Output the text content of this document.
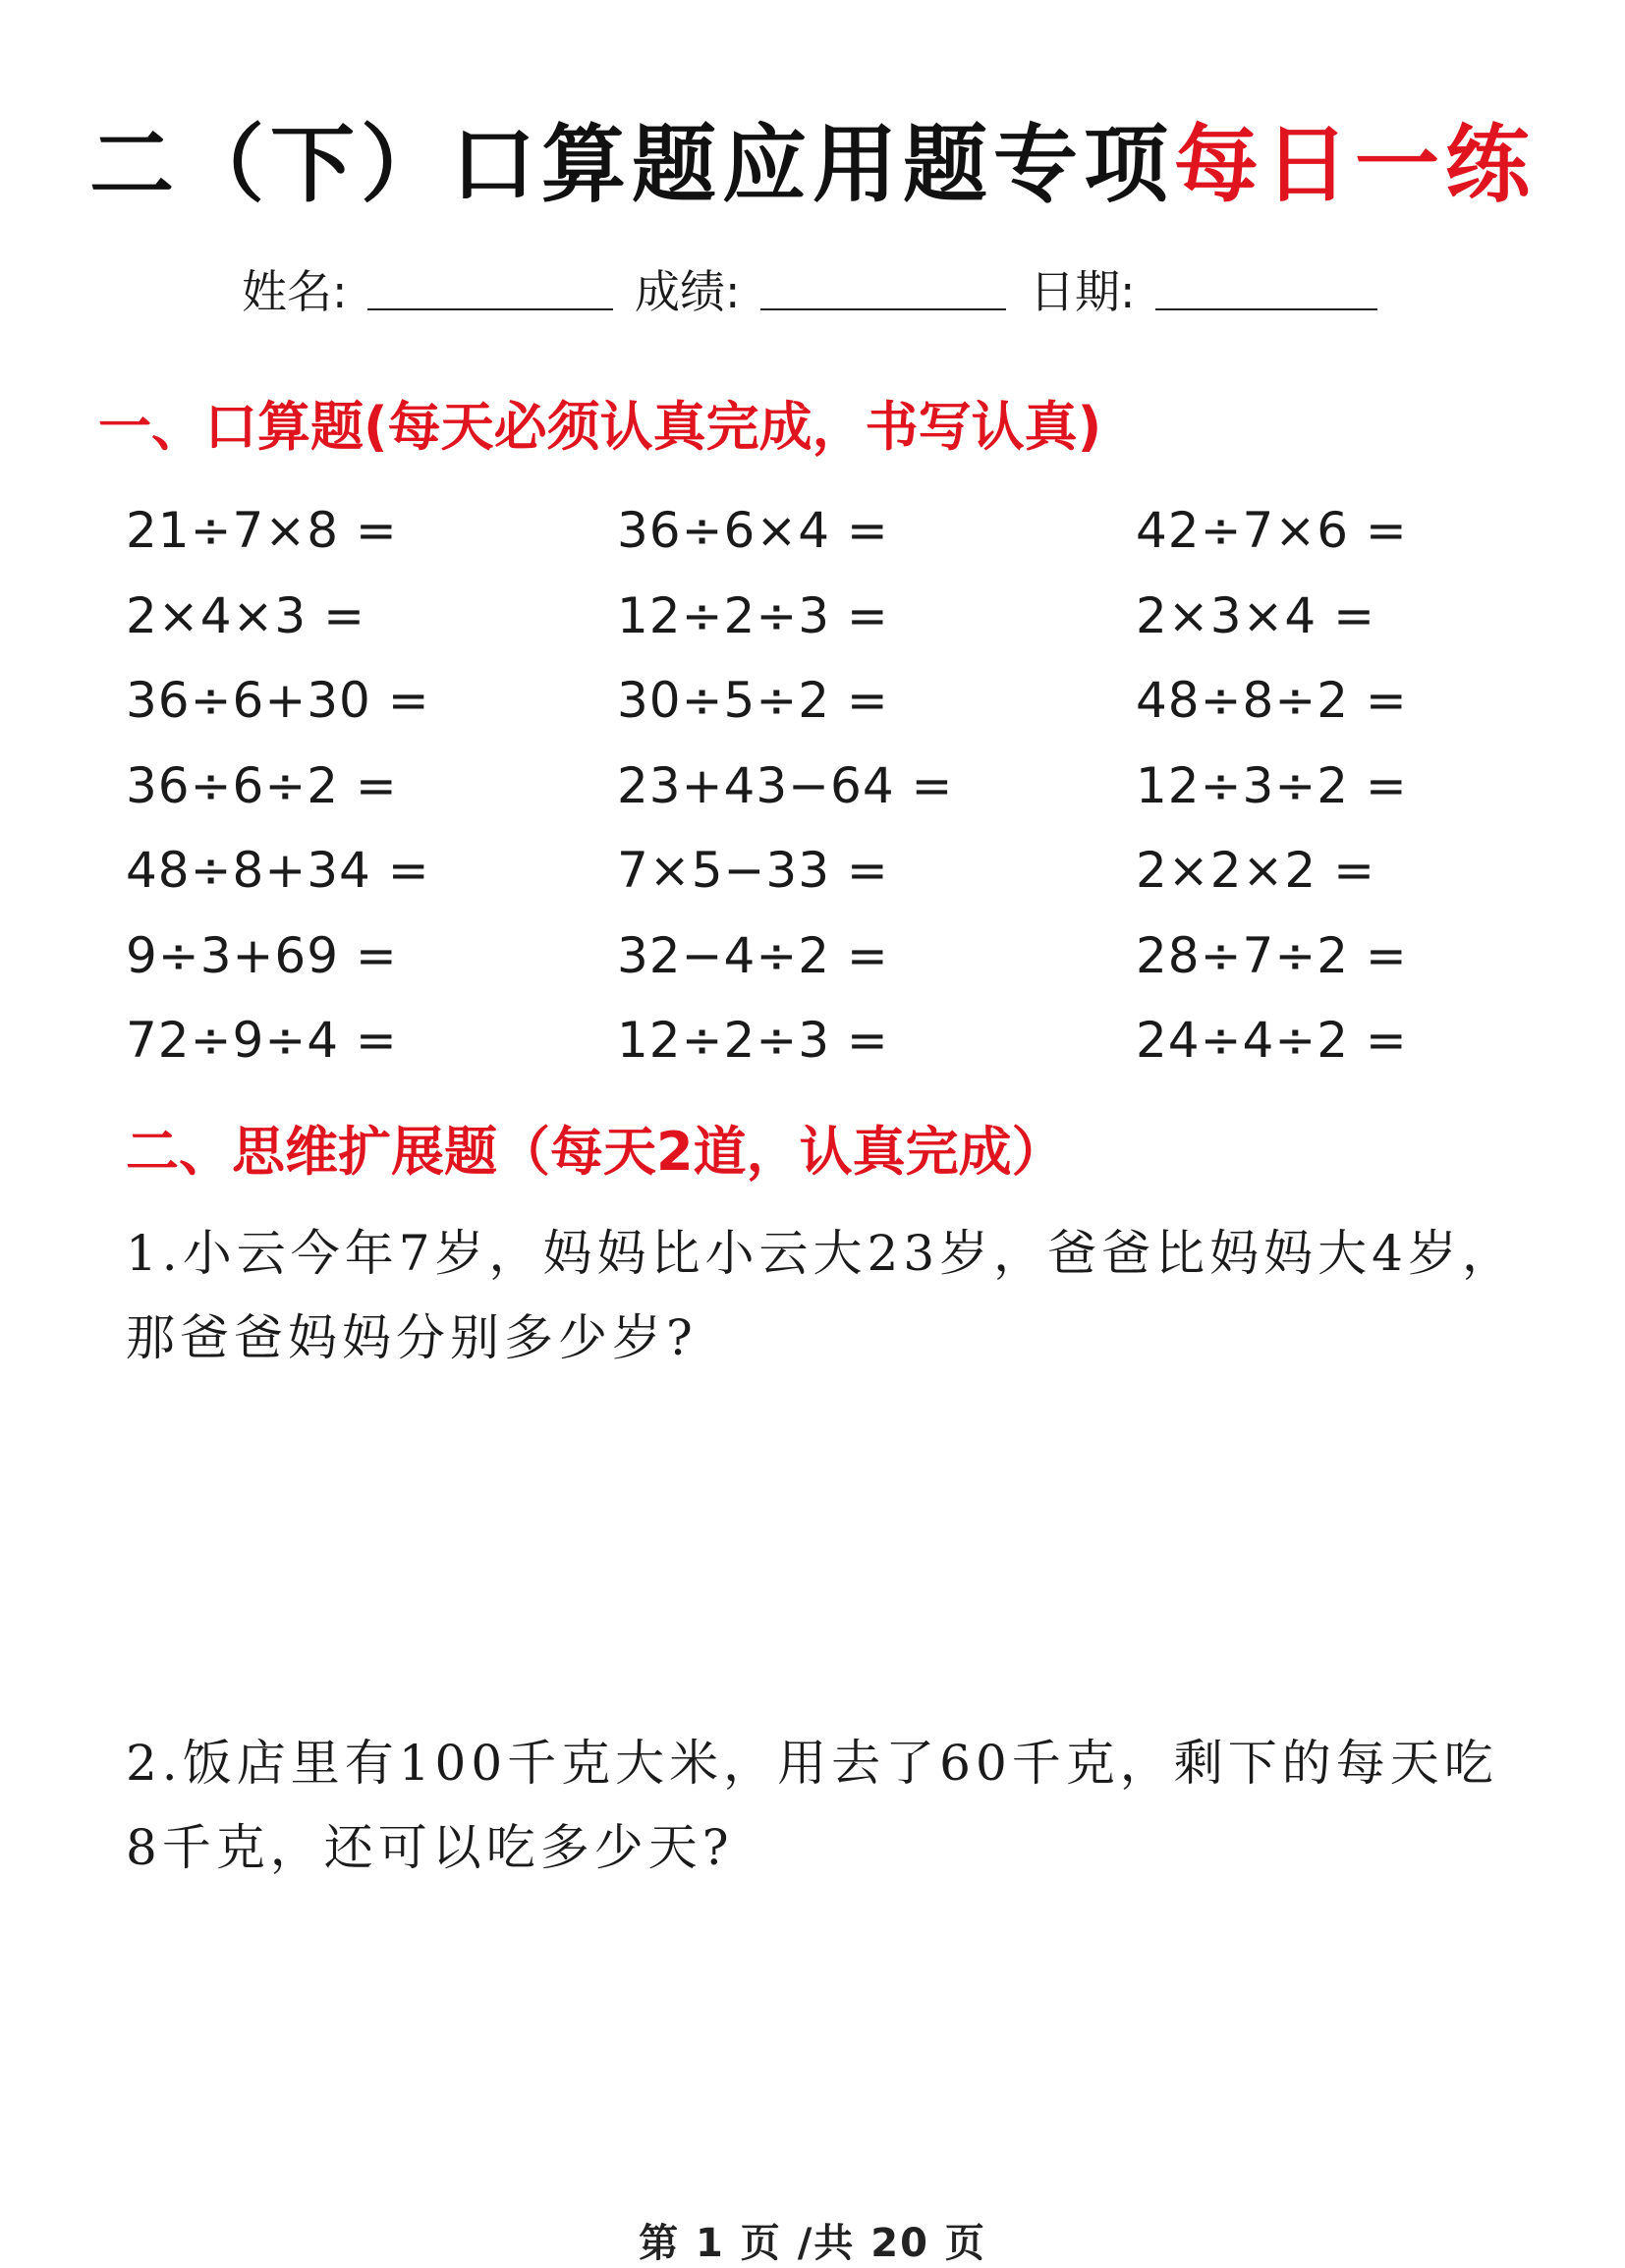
二（下）口算题应用题专项每日一练
姓名:	成绩:	日期:
一、口算题(每天必须认真完成，书写认真)
21÷7×8 =	36÷6×4 =	42÷7×6 =
2×4×3 =	12÷2÷3 =	2×3×4 =
36÷6+30 =	30÷5÷2 =	48÷8÷2 =
36÷6÷2 =	23+43−64 =	12÷3÷2 =
48÷8+34 =	7×5−33 =	2×2×2 =
9÷3+69 =	32−4÷2 =	28÷7÷2 =
72÷9÷4 =	12÷2÷3 =	24÷4÷2 =
二、思维扩展题（每天2道，认真完成）

1.小云今年7岁，妈妈比小云大23岁，爸爸比妈妈大4岁，

那爸爸妈妈分别多少岁?

2.饭店里有100千克大米，用去了60千克，剩下的每天吃

8千克，还可以吃多少天?

第 1 页 /共 20 页
